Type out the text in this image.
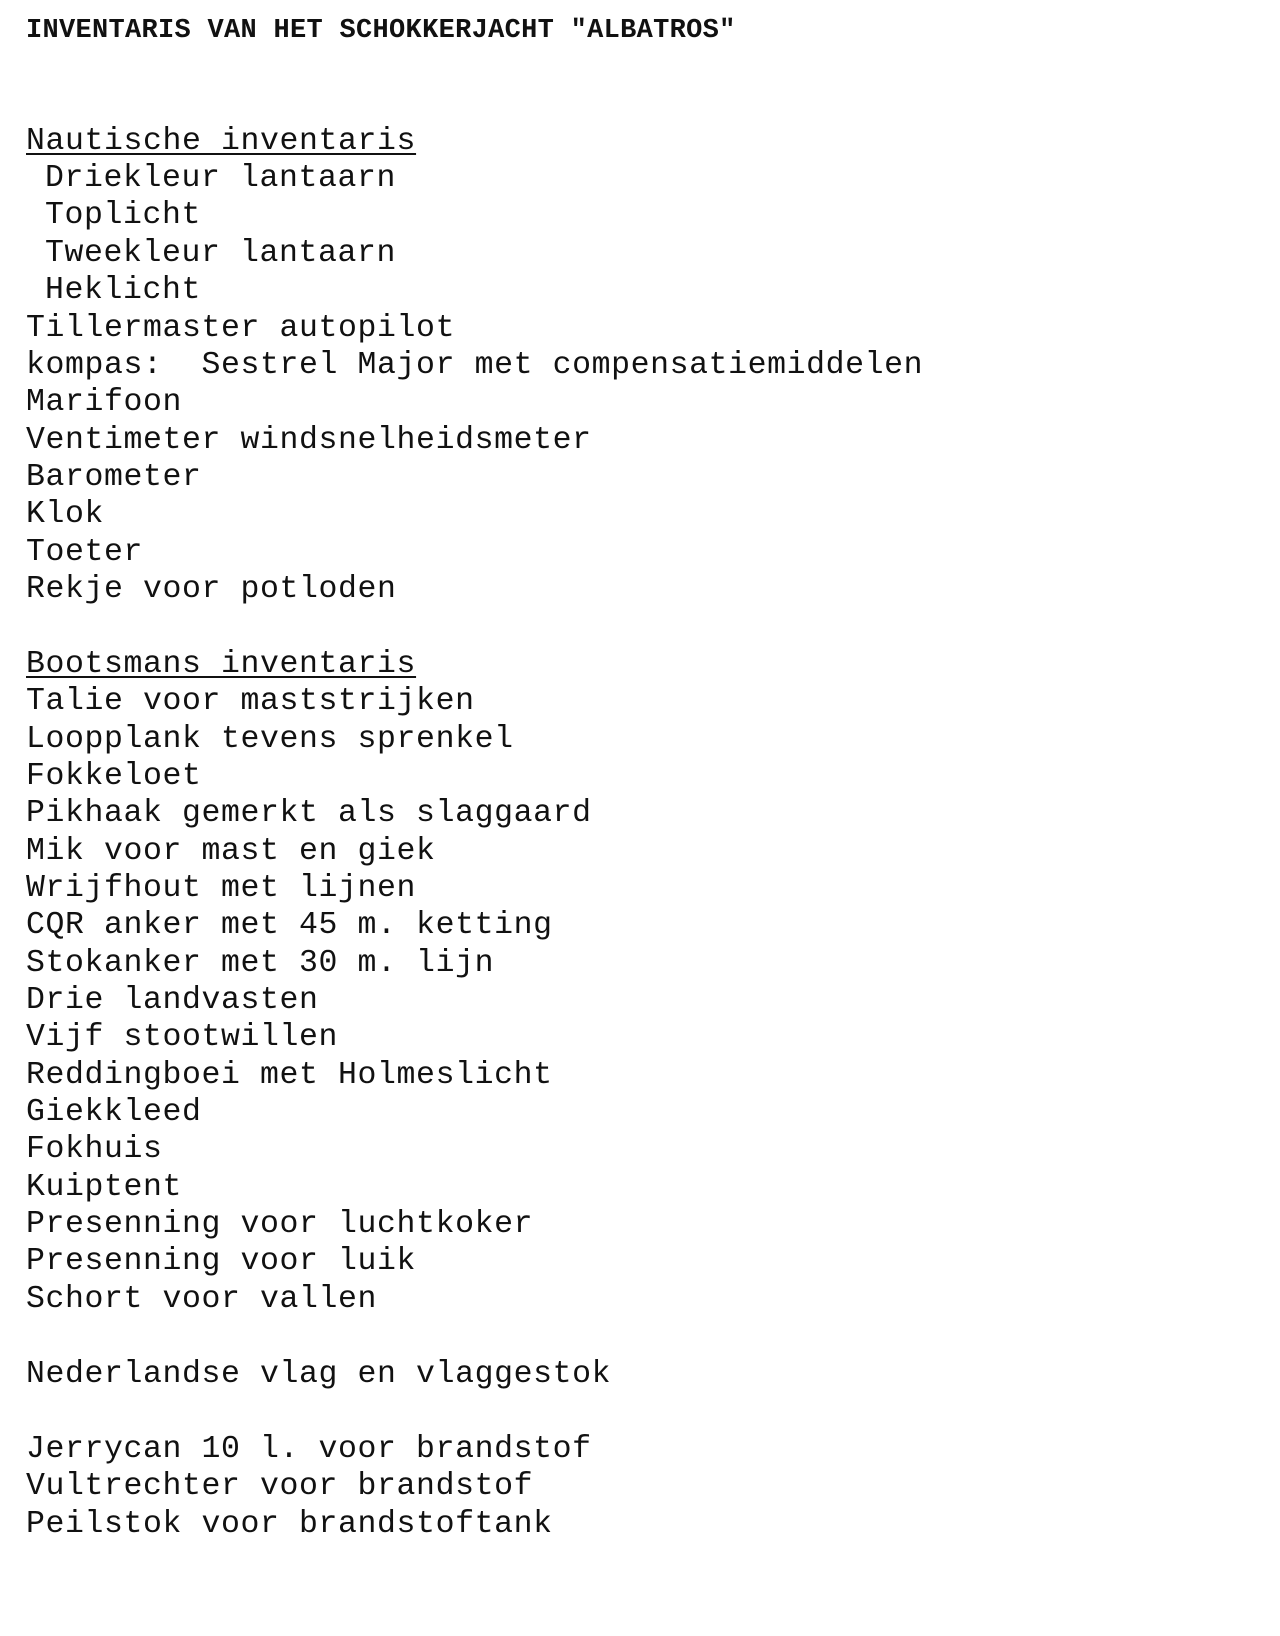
INVENTARIS VAN HET SCHOKKERJACHT "ALBATROS"
Nautische inventaris
Driekleur lantaarn
Toplicht
Tweekleur lantaarn
Heklicht
Tillermaster autopilot
kompas:  Sestrel Major met compensatiemiddelen
Marifoon
Ventimeter windsnelheidsmeter
Barometer
Klok
Toeter
Rekje voor potloden
Bootsmans inventaris
Talie voor maststrijken
Loopplank tevens sprenkel
Fokkeloet
Pikhaak gemerkt als slaggaard
Mik voor mast en giek
Wrijfhout met lijnen
CQR anker met 45 m. ketting
Stokanker met 30 m. lijn
Drie landvasten
Vijf stootwillen
Reddingboei met Holmeslicht
Giekkleed
Fokhuis
Kuiptent
Presenning voor luchtkoker
Presenning voor luik
Schort voor vallen
Nederlandse vlag en vlaggestok
Jerrycan 10 l. voor brandstof
Vultrechter voor brandstof
Peilstok voor brandstoftank
